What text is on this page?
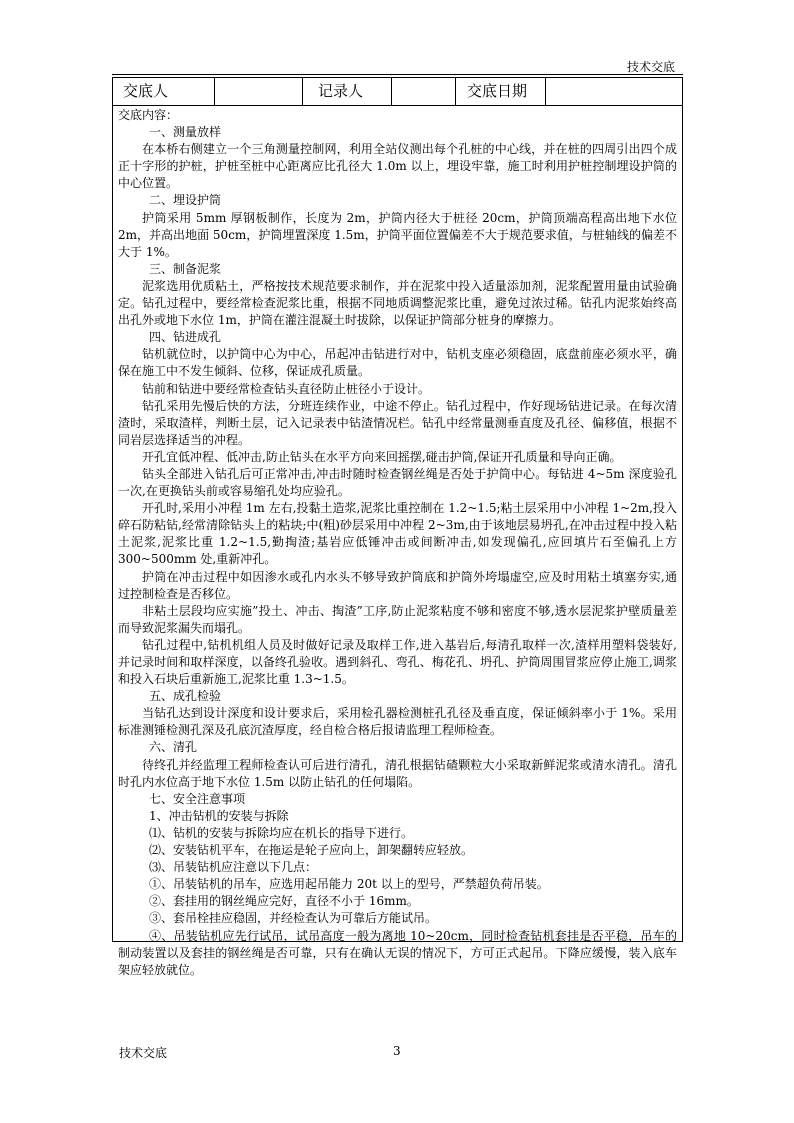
技术交底
交底人	记录人	交底日期

交底内容：

一、测量放样

在本桥右侧建立一个三角测量控制网，利用全站仪测出每个孔桩的中心线，并在桩的四周引出四个成正十字形的护桩，护桩至桩中心距离应比孔径大 1.0m 以上，埋设牢靠，施工时利用护桩控制埋设护筒的中心位置。

二、埋设护筒

护筒采用 5mm 厚钢板制作，长度为 2m，护筒内径大于桩径 20cm，护筒顶端高程高出地下水位 2m，并高出地面 50cm，护筒埋置深度 1.5m，护筒平面位置偏差不大于规范要求值，与桩轴线的偏差不大于 1%。

三、制备泥浆

泥浆选用优质粘土，严格按技术规范要求制作，并在泥浆中投入适量添加剂，泥浆配置用量由试验确定。钻孔过程中，要经常检查泥浆比重，根据不同地质调整泥浆比重，避免过浓过稀。钻孔内泥浆始终高出孔外或地下水位 1m，护筒在灌注混凝土时拔除，以保证护筒部分桩身的摩擦力。

四、钻进成孔

钻机就位时，以护筒中心为中心，吊起冲击钻进行对中，钻机支座必须稳固，底盘前座必须水平，确保在施工中不发生倾斜、位移，保证成孔质量。

钻前和钻进中要经常检查钻头直径防止桩径小于设计。

钻孔采用先慢后快的方法，分班连续作业，中途不停止。钻孔过程中，作好现场钻进记录。在每次清渣时，采取渣样，判断土层，记入记录表中钻渣情况栏。钻孔中经常量测垂直度及孔径、偏移值，根据不同岩层选择适当的冲程。

开孔宜低冲程、低冲击,防止钻头在水平方向来回摇摆,碰击护筒,保证开孔质量和导向正确。

钻头全部进入钻孔后可正常冲击,冲击时随时检查钢丝绳是否处于护筒中心。每钻进 4~5m 深度验孔一次,在更换钻头前或容易缩孔处均应验孔。

开孔时,采用小冲程 1m 左右,投黏土造浆,泥浆比重控制在 1.2~1.5;粘土层采用中小冲程 1~2m,投入碎石防粘钻,经常清除钻头上的粘块;中(粗)砂层采用中冲程 2~3m,由于该地层易坍孔,在冲击过程中投入粘土泥浆,泥浆比重 1.2~1.5,勤掏渣;基岩应低锤冲击或间断冲击,如发现偏孔,应回填片石至偏孔上方 300~500mm 处,重新冲孔。

护筒在冲击过程中如因渗水或孔内水头不够导致护筒底和护筒外垮塌虚空,应及时用粘土填塞夯实,通过控制检查是否移位。

非粘土层段均应实施”投土、冲击、掏渣”工序,防止泥浆粘度不够和密度不够,透水层泥浆护壁质量差而导致泥浆漏失而塌孔。

钻孔过程中,钻机机组人员及时做好记录及取样工作,进入基岩后,每清孔取样一次,渣样用塑料袋装好,并记录时间和取样深度，以备终孔验收。遇到斜孔、弯孔、梅花孔、坍孔、护筒周围冒浆应停止施工,调浆和投入石块后重新施工,泥浆比重 1.3~1.5。

五、成孔检验

当钻孔达到设计深度和设计要求后，采用检孔器检测桩孔孔径及垂直度，保证倾斜率小于 1%。采用标准测锤检测孔深及孔底沉渣厚度，经自检合格后报请监理工程师检查。

六、清孔

待终孔并经监理工程师检查认可后进行清孔，清孔根据钻碴颗粒大小采取新鲜泥浆或清水清孔。清孔时孔内水位高于地下水位 1.5m 以防止钻孔的任何塌陷。

七、安全注意事项

1、冲击钻机的安装与拆除

⑴、钻机的安装与拆除均应在机长的指导下进行。

⑵、安装钻机平车，在拖运是轮子应向上，卸架翻转应轻放。

⑶、吊装钻机应注意以下几点：

①、吊装钻机的吊车，应选用起吊能力 20t 以上的型号，严禁超负荷吊装。

②、套挂用的钢丝绳应完好，直径不小于 16mm。

③、套吊栓挂应稳固，并经检查认为可靠后方能试吊。

④、吊装钻机应先行试吊，试吊高度一般为离地 10~20cm，同时检查钻机套挂是否平稳，吊车的制动装置以及套挂的钢丝绳是否可靠，只有在确认无误的情况下，方可正式起吊。下降应缓慢，装入底车架应轻放就位。

技术交底	3
